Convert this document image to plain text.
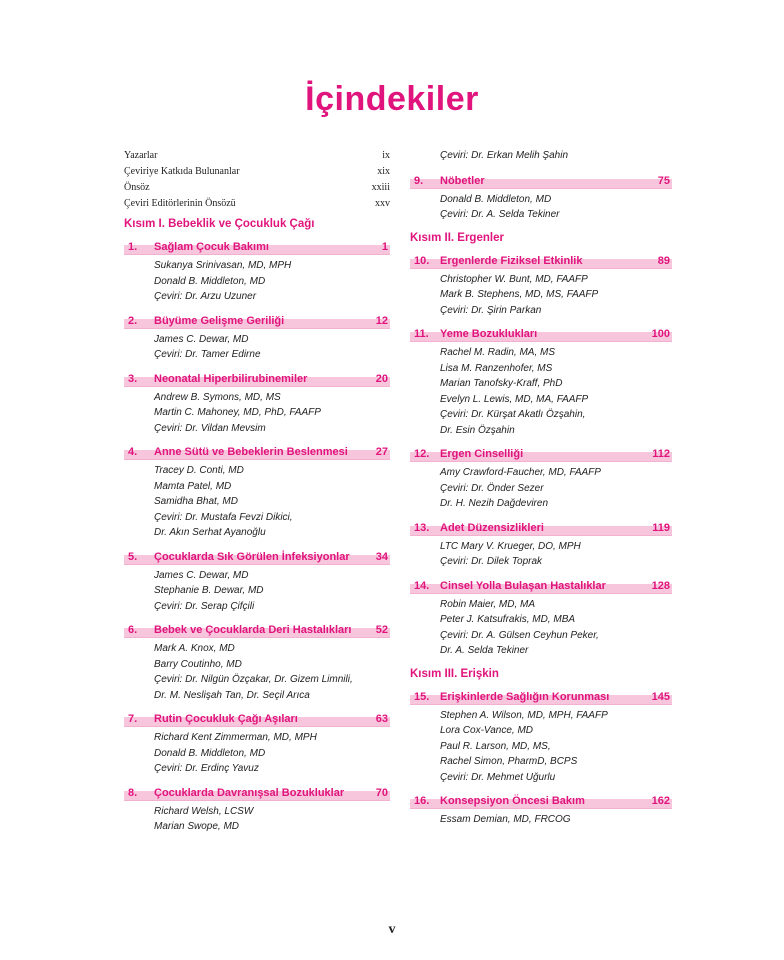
İçindekiler
Yazarlar	ix
Çeviriye Katkıda Bulunanlar	xix
Önsöz	xxiii
Çeviri Editörlerinin Önsözü	xxv
Kısım I. Bebeklik ve Çocukluk Çağı
1.	Sağlam Çocuk Bakımı	1
Sukanya Srinivasan, MD, MPH
Donald B. Middleton, MD
Çeviri: Dr. Arzu Uzuner
2.	Büyüme Gelişme Geriliği	12
James C. Dewar, MD
Çeviri: Dr. Tamer Edirne
3.	Neonatal Hiperbilirubinemiler	20
Andrew B. Symons, MD, MS
Martin C. Mahoney, MD, PhD, FAAFP
Çeviri: Dr. Vildan Mevsim
4.	Anne Sütü ve Bebeklerin Beslenmesi	27
Tracey D. Conti, MD
Mamta Patel, MD
Samidha Bhat, MD
Çeviri: Dr. Mustafa Fevzi Dikici,
Dr. Akın Serhat Ayanoğlu
5.	Çocuklarda Sık Görülen İnfeksiyonlar	34
James C. Dewar, MD
Stephanie B. Dewar, MD
Çeviri: Dr. Serap Çifçili
6.	Bebek ve Çocuklarda Deri Hastalıkları	52
Mark A. Knox, MD
Barry Coutinho, MD
Çeviri: Dr. Nilgün Özçakar, Dr. Gizem Limnili,
Dr. M. Neslişah Tan, Dr. Seçil Arıca
7.	Rutin Çocukluk Çağı Aşıları	63
Richard Kent Zimmerman, MD, MPH
Donald B. Middleton, MD
Çeviri: Dr. Erdinç Yavuz
8.	Çocuklarda Davranışsal Bozukluklar	70
Richard Welsh, LCSW
Marian Swope, MD
Çeviri: Dr. Erkan Melih Şahin
9.	Nöbetler	75
Donald B. Middleton, MD
Çeviri: Dr. A. Selda Tekiner
Kısım II. Ergenler
10. Ergenlerde Fiziksel Etkinlik	89
Christopher W. Bunt, MD, FAAFP
Mark B. Stephens, MD, MS, FAAFP
Çeviri: Dr. Şirin Parkan
11.	Yeme Bozuklukları	100
Rachel M. Radin, MA, MS
Lisa M. Ranzenhofer, MS
Marian Tanofsky-Kraff, PhD
Evelyn L. Lewis, MD, MA, FAAFP
Çeviri: Dr. Kürşat Akatlı Özşahin,
Dr. Esin Özşahin
12. Ergen Cinselliği	112
Amy Crawford-Faucher, MD, FAAFP
Çeviri: Dr. Önder Sezer
Dr. H. Nezih Dağdeviren
13. Adet Düzensizlikleri	119
LTC Mary V. Krueger, DO, MPH
Çeviri: Dr. Dilek Toprak
14. Cinsel Yolla Bulaşan Hastalıklar	128
Robin Maier, MD, MA
Peter J. Katsufrakis, MD, MBA
Çeviri: Dr. A. Gülsen Ceyhun Peker,
Dr. A. Selda Tekiner
Kısım III. Erişkin
15. Erişkinlerde Sağlığın Korunması	145
Stephen A. Wilson, MD, MPH, FAAFP
Lora Cox-Vance, MD
Paul R. Larson, MD, MS,
Rachel Simon, PharmD, BCPS
Çeviri: Dr. Mehmet Uğurlu
16. Konsepsiyon Öncesi Bakım	162
Essam Demian, MD, FRCOG
v
